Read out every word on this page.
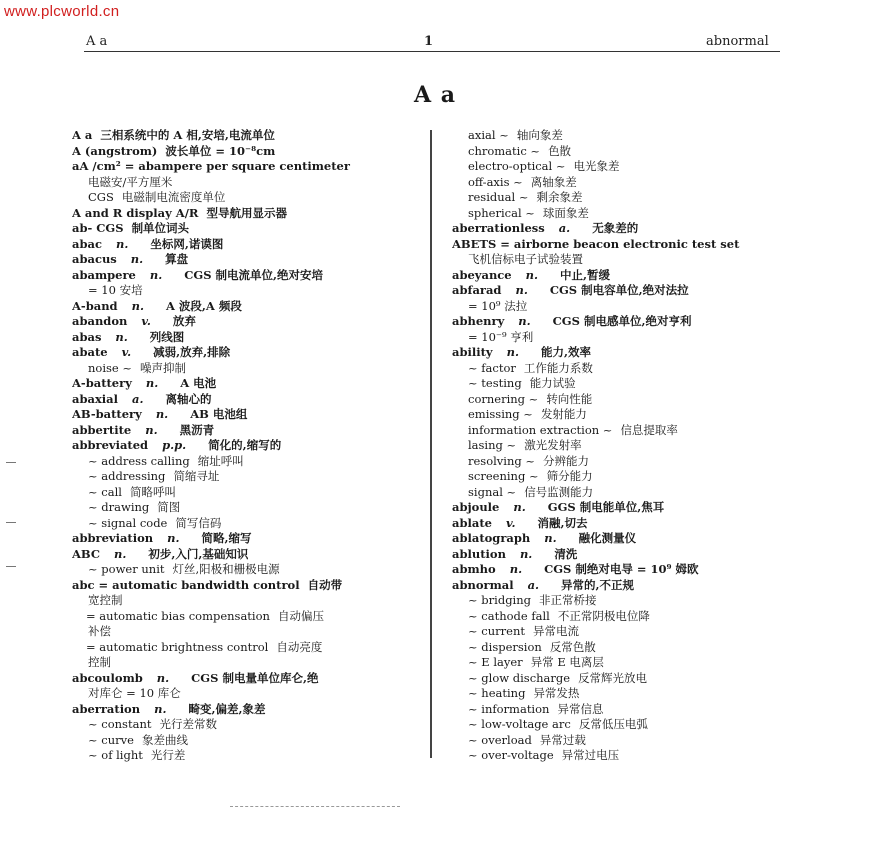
www.plcworld.cn
A a	1	abnormal
A a
A a 三相系统中的 A 相,安培,电流单位
A (angstrom) 波长单位 = 10⁻⁸cm
aA /cm² = abampere per square centimeter
电磁安/平方厘米
CGS 电磁制电流密度单位
A and R display A/R 型导航用显示器
ab- CGS 制单位词头
abac n. 坐标网,诺谟图
abacus n. 算盘
abampere n. CGS 制电流单位,绝对安培
= 10 安培
A-band n. A 波段,A 频段
abandon v. 放弃
abas n. 列线图
abate v. 减弱,放弃,排除
noise ~ 噪声抑制
A-battery n. A 电池
abaxial a. 离轴心的
AB-battery n. AB 电池组
abbertite n. 黑沥青
abbreviated p.p. 简化的,缩写的
~ address calling 缩址呼叫
~ addressing 简缩寻址
~ call 简略呼叫
~ drawing 简图
~ signal code 简写信码
abbreviation n. 简略,缩写
ABC n. 初步,入门,基础知识
~ power unit 灯丝,阳极和栅极电源
abc = automatic bandwidth control 自动带
宽控制
= automatic bias compensation 自动偏压
补偿
= automatic brightness control 自动亮度
控制
abcoulomb n. CGS 制电量单位库仑,绝
对库仑 = 10 库仑
aberration n. 畸变,偏差,象差
~ constant 光行差常数
~ curve 象差曲线
~ of light 光行差
axial ~ 轴向象差
chromatic ~ 色散
electro-optical ~ 电光象差
off-axis ~ 离轴象差
residual ~ 剩余象差
spherical ~ 球面象差
aberrationless a. 无象差的
ABETS = airborne beacon electronic test set
飞机信标电子试验装置
abeyance n. 中止,暂缓
abfarad n. CGS 制电容单位,绝对法拉
= 10⁹ 法拉
abhenry n. CGS 制电感单位,绝对亨利
= 10⁻⁹ 亨利
ability n. 能力,效率
~ factor 工作能力系数
~ testing 能力试验
cornering ~ 转向性能
emissing ~ 发射能力
information extraction ~ 信息提取率
lasing ~ 激光发射率
resolving ~ 分辨能力
screening ~ 筛分能力
signal ~ 信号监测能力
abjoule n. GGS 制电能单位,焦耳
ablate v. 消融,切去
ablatograph n. 融化测量仪
ablution n. 清洗
abmho n. CGS 制绝对电导 = 10⁹ 姆欧
abnormal a. 异常的,不正规
~ bridging 非正常桥接
~ cathode fall 不正常阴极电位降
~ current 异常电流
~ dispersion 反常色散
~ E layer 异常 E 电离层
~ glow discharge 反常辉光放电
~ heating 异常发热
~ information 异常信息
~ low-voltage arc 反常低压电弧
~ overload 异常过载
~ over-voltage 异常过电压
